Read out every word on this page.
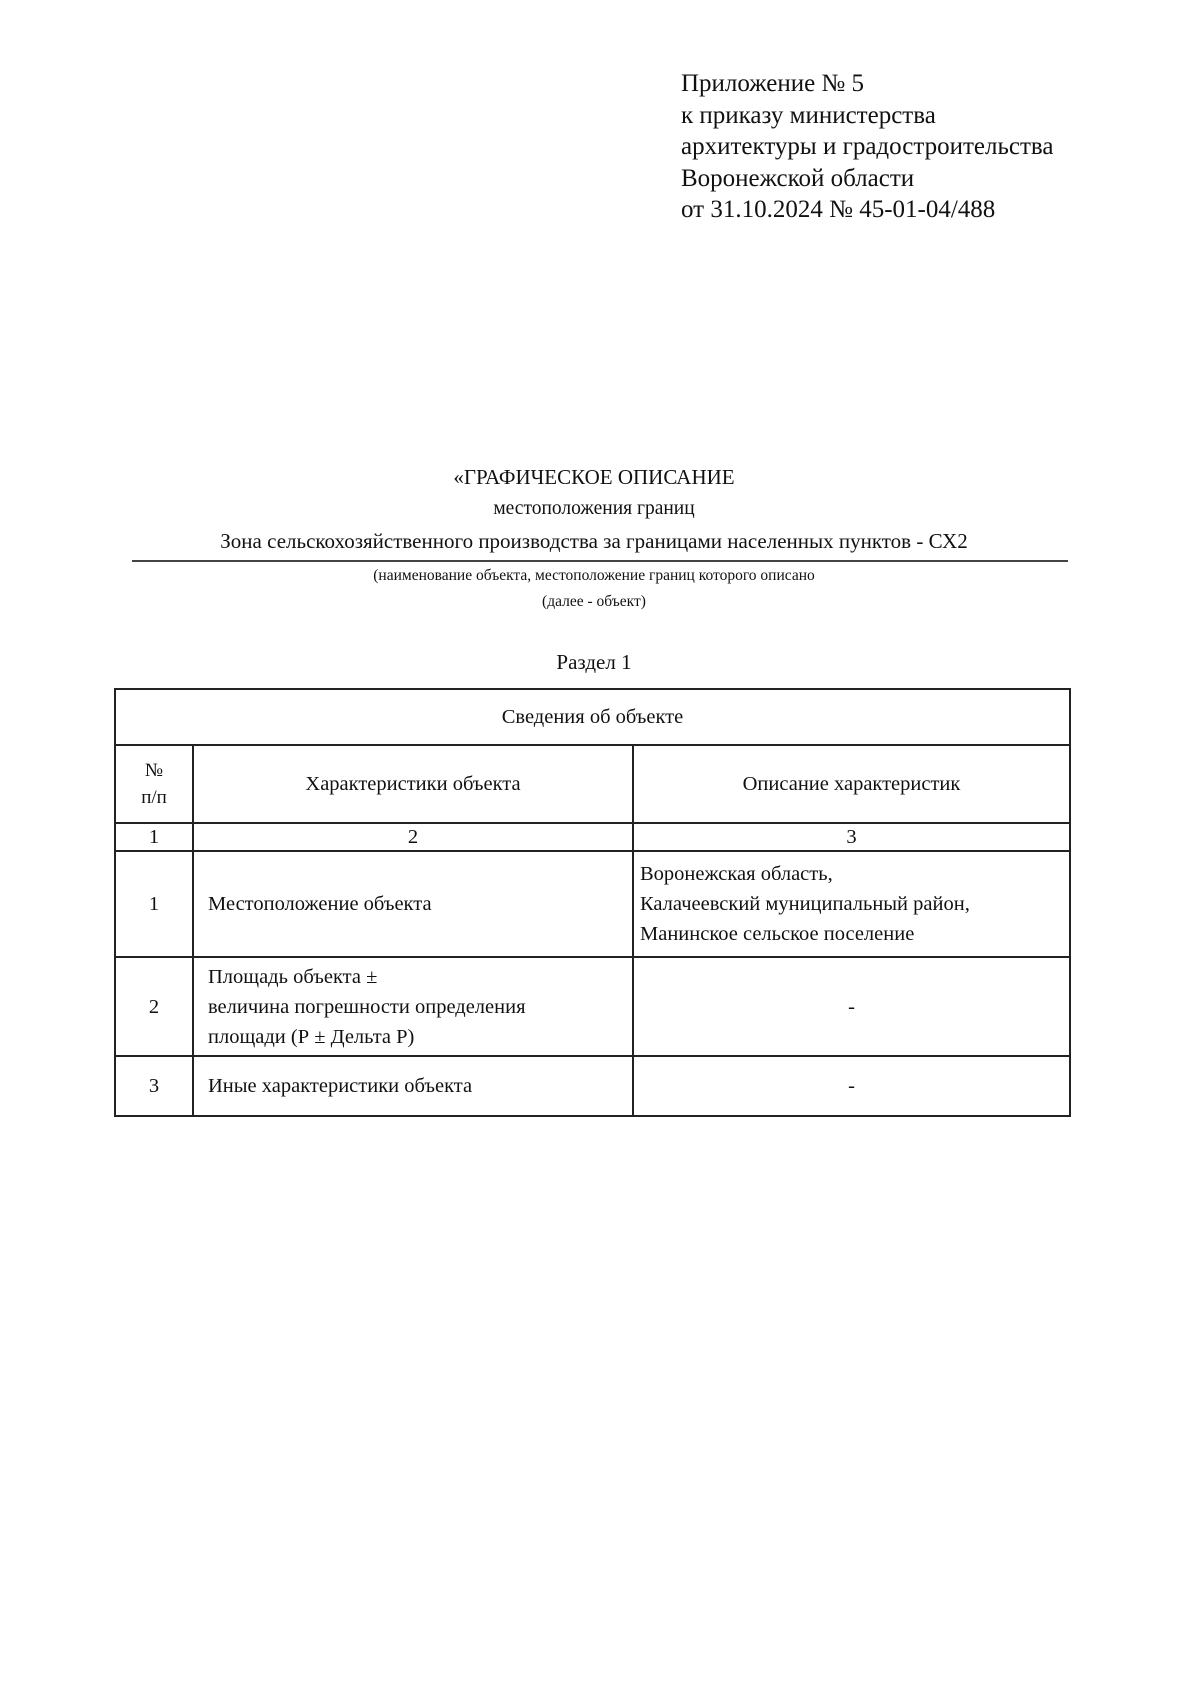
Приложение № 5
к приказу министерства
архитектуры и градостроительства
Воронежской области
от 31.10.2024 № 45-01-04/488
«ГРАФИЧЕСКОЕ ОПИСАНИЕ
местоположения границ
Зона сельскохозяйственного производства за границами населенных пунктов - СХ2
(наименование объекта, местоположение границ которого описано
(далее - объект)
Раздел 1
Сведения об объекте		

№
п/п	Характеристики объекта	Описание характеристик
1	2	3
1	Местоположение объекта	Воронежская область,
Калачеевский муниципальный район,
Манинское сельское поселение

2	Площадь объекта ±
величина погрешности определения
площади (Р ± Дельта Р)	-
3	Иные характеристики объекта	-
